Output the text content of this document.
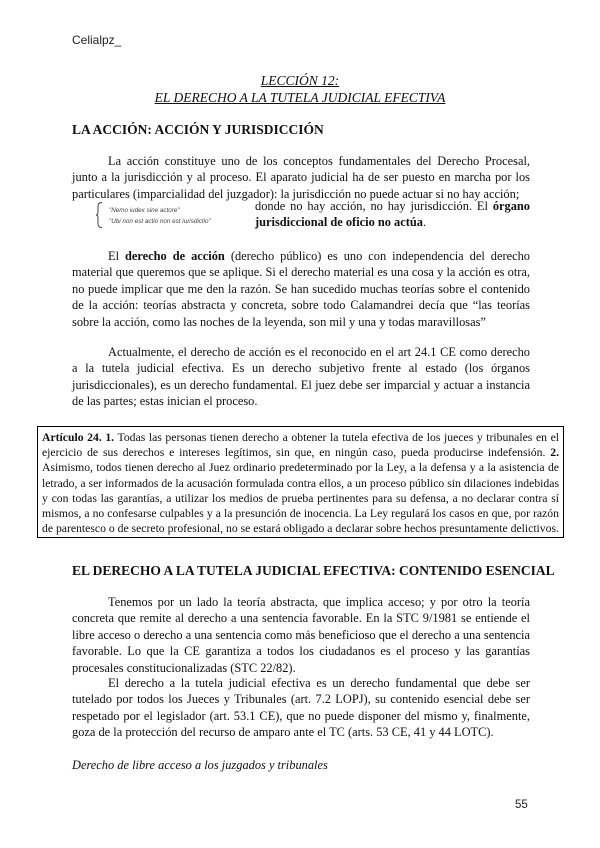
Celialpz_
LECCIÓN 12:
EL DERECHO A LA TUTELA JUDICIAL EFECTIVA
LA ACCIÓN: ACCIÓN Y JURISDICCIÓN

La acción constituye uno de los conceptos fundamentales del Derecho Procesal, junto a la jurisdicción y al proceso. El aparato judicial ha de ser puesto en marcha por los particulares (imparcialidad del juzgador): la jurisdicción no puede actuar si no hay acción;

"Nemo iudex sine actore"
"Ubi non est actio non est iurisdictio"

donde no hay acción, no hay jurisdicción. El órgano jurisdiccional de oficio no actúa.

El derecho de acción (derecho público) es uno con independencia del derecho material que queremos que se aplique. Si el derecho material es una cosa y la acción es otra, no puede implicar que me den la razón. Se han sucedido muchas teorías sobre el contenido de la acción: teorías abstracta y concreta, sobre todo Calamandrei decía que “las teorías sobre la acción, como las noches de la leyenda, son mil y una y todas maravillosas”

Actualmente, el derecho de acción es el reconocido en el art 24.1 CE como derecho a la tutela judicial efectiva. Es un derecho subjetivo frente al estado (los órganos jurisdiccionales), es un derecho fundamental. El juez debe ser imparcial y actuar a instancia de las partes; estas inician el proceso.

Artículo 24. 1. Todas las personas tienen derecho a obtener la tutela efectiva de los jueces y tribunales en el ejercicio de sus derechos e intereses legítimos, sin que, en ningún caso, pueda producirse indefensión. 2. Asimismo, todos tienen derecho al Juez ordinario predeterminado por la Ley, a la defensa y a la asistencia de letrado, a ser informados de la acusación formulada contra ellos, a un proceso público sin dilaciones indebidas y con todas las garantías, a utilizar los medios de prueba pertinentes para su defensa, a no declarar contra sí mismos, a no confesarse culpables y a la presunción de inocencia. La Ley regulará los casos en que, por razón de parentesco o de secreto profesional, no se estará obligado a declarar sobre hechos presuntamente delictivos.
EL DERECHO A LA TUTELA JUDICIAL EFECTIVA: CONTENIDO ESENCIAL

Tenemos por un lado la teoría abstracta, que implica acceso; y por otro la teoría concreta que remite al derecho a una sentencia favorable. En la STC 9/1981 se entiende el libre acceso o derecho a una sentencia como más beneficioso que el derecho a una sentencia favorable. Lo que la CE garantiza a todos los ciudadanos es el proceso y las garantías procesales constitucionalizadas (STC 22/82).

El derecho a la tutela judicial efectiva es un derecho fundamental que debe ser tutelado por todos los Jueces y Tribunales (art. 7.2 LOPJ), su contenido esencial debe ser respetado por el legislador (art. 53.1 CE), que no puede disponer del mismo y, finalmente, goza de la protección del recurso de amparo ante el TC (arts. 53 CE, 41 y 44 LOTC).

Derecho de libre acceso a los juzgados y tribunales
55
